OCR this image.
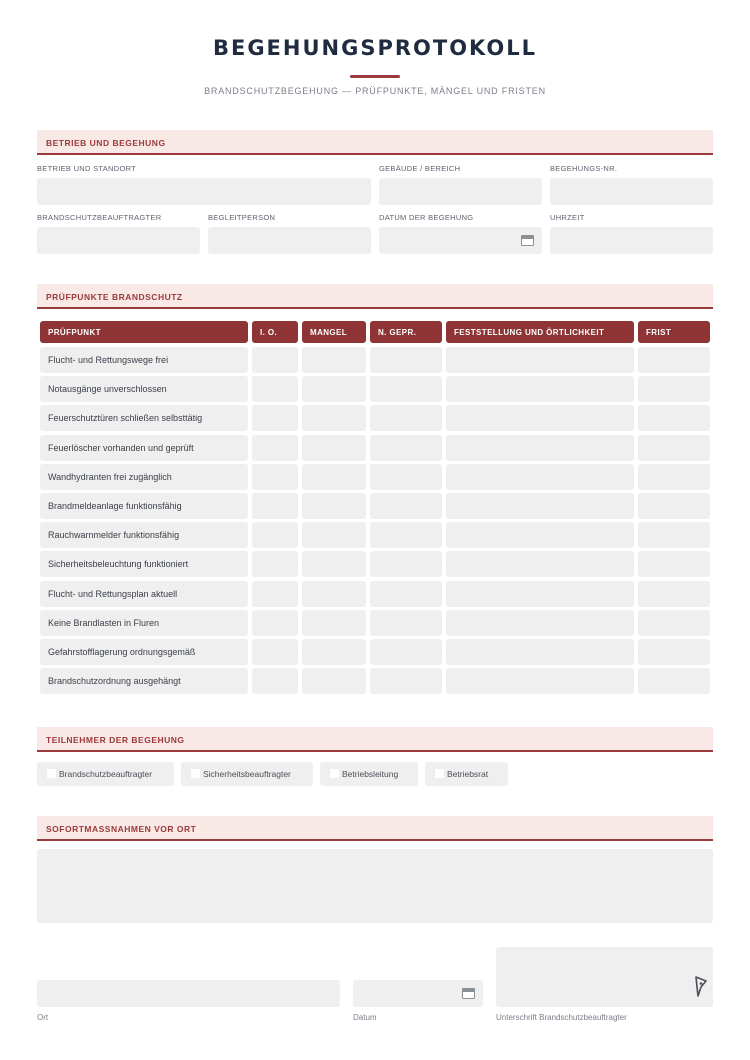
BEGEHUNGSPROTOKOLL
BRANDSCHUTZBEGEHUNG — PRÜFPUNKTE, MÄNGEL UND FRISTEN
BETRIEB UND BEGEHUNG
BETRIEB UND STANDORT	GEBÄUDE / BEREICH	BEGEHUNGS-NR.
BRANDSCHUTZBEAUFTRAGTER	BEGLEITPERSON	DATUM DER BEGEHUNG	UHRZEIT
PRÜFPUNKTE BRANDSCHUTZ
PRÜFPUNKT	I. O.	MANGEL	N. GEPR.	FESTSTELLUNG UND ÖRTLICHKEIT	FRIST
Flucht- und Rettungswege frei
Notausgänge unverschlossen
Feuerschutztüren schließen selbsttätig
Feuerlöscher vorhanden und geprüft
Wandhydranten frei zugänglich
Brandmeldeanlage funktionsfähig
Rauchwarnmelder funktionsfähig
Sicherheitsbeleuchtung funktioniert
Flucht- und Rettungsplan aktuell
Keine Brandlasten in Fluren
Gefahrstofflagerung ordnungsgemäß
Brandschutzordnung ausgehängt
TEILNEHMER DER BEGEHUNG
Brandschutzbeauftragter	Sicherheitsbeauftragter	Betriebsleitung	Betriebsrat
SOFORTMASSNAHMEN VOR ORT
Ort	Datum	Unterschrift Brandschutzbeauftragter
